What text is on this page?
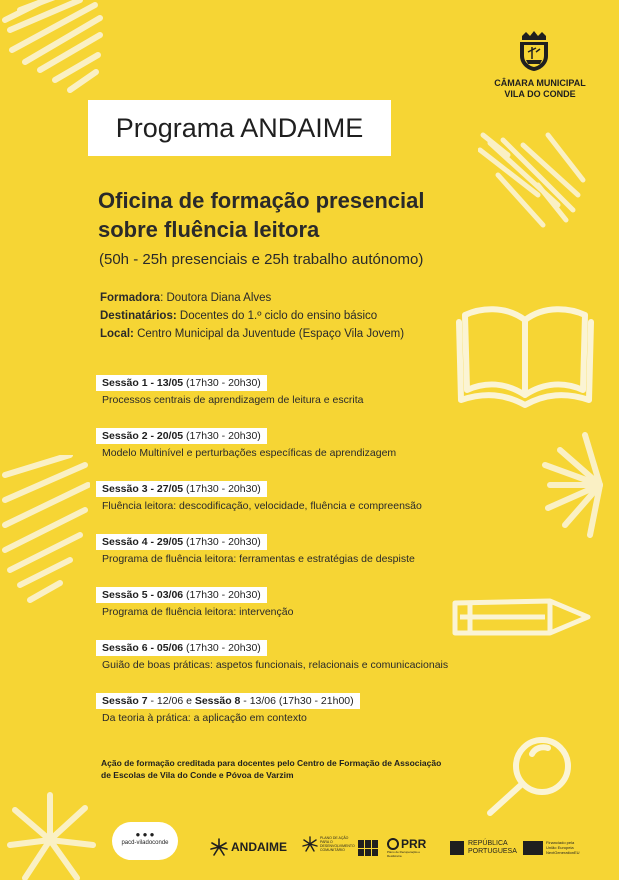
CÂMARA MUNICIPAL
VILA DO CONDE
Programa ANDAIME
Oficina de formação presencial
sobre fluência leitora
(50h - 25h presenciais e 25h trabalho autónomo)
Formadora: Doutora Diana Alves
Destinatários: Docentes do 1.º ciclo do ensino básico
Local: Centro Municipal da Juventude (Espaço Vila Jovem)
Sessão 1 - 13/05 (17h30 - 20h30)
Processos centrais de aprendizagem de leitura e escrita
Sessão 2 - 20/05 (17h30 - 20h30)
Modelo Multinível e perturbações específicas de aprendizagem
Sessão 3 - 27/05 (17h30 - 20h30)
Fluência leitora: descodificação, velocidade, fluência e compreensão
Sessão 4 - 29/05 (17h30 - 20h30)
Programa de fluência leitora: ferramentas e estratégias de despiste
Sessão 5 - 03/06 (17h30 - 20h30)
Programa de fluência leitora: intervenção
Sessão 6 - 05/06 (17h30 - 20h30)
Guião de boas práticas: aspetos funcionais, relacionais e comunicacionais
Sessão 7 - 12/06 e Sessão 8 - 13/06 (17h30 - 21h00)
Da teoria à prática: a aplicação em contexto
Ação de formação creditada para docentes pelo Centro de Formação de Associação
de Escolas de Vila do Conde e Póvoa de Varzim
● ● ●
pacd-viladoconde	ANDAIME
PLANO DE AÇÃO PARA O DESENVOLVIMENTO COMUNITÁRIO	PRR
Plano de Recuperação e Resiliência
REPÚBLICA
PORTUGUESA
Financiado pela
União Europeia
NextGenerationEU
